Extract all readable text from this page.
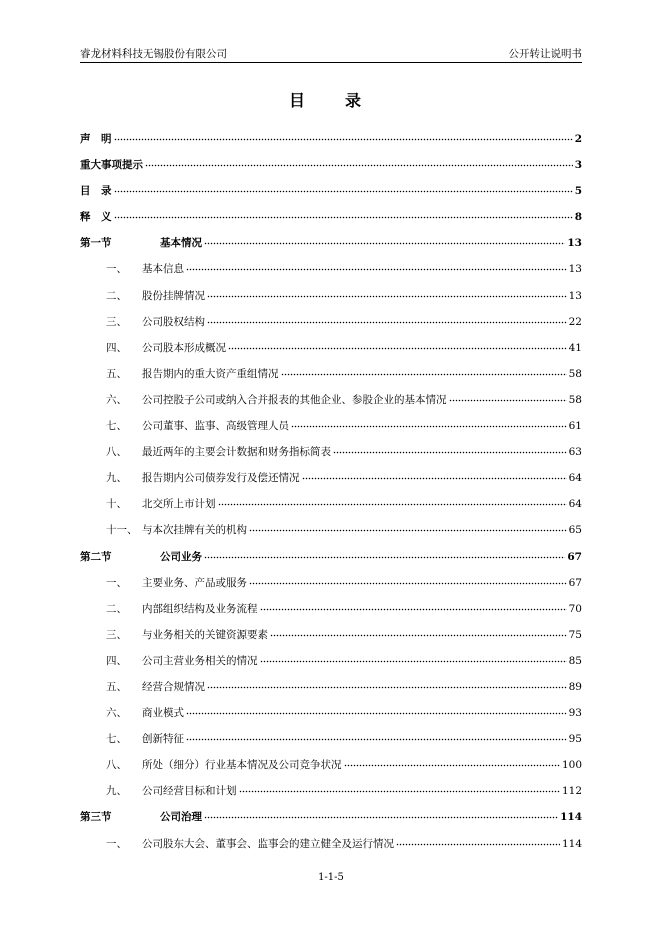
睿龙材料科技无锡股份有限公司	公开转让说明书
目　录
声　明	2
重大事项提示	3
目　录	5
释　义	8
第一节	基本情况	13
一、	基本信息	13
二、	股份挂牌情况	13
三、	公司股权结构	22
四、	公司股本形成概况	41
五、	报告期内的重大资产重组情况	58
六、	公司控股子公司或纳入合并报表的其他企业、参股企业的基本情况	58
七、	公司董事、监事、高级管理人员	61
八、	最近两年的主要会计数据和财务指标简表	63
九、	报告期内公司债券发行及偿还情况	64
十、	北交所上市计划	64
十一、 与本次挂牌有关的机构	65
第二节	公司业务	67
一、	主要业务、产品或服务	67
二、	内部组织结构及业务流程	70
三、	与业务相关的关键资源要素	75
四、	公司主营业务相关的情况	85
五、	经营合规情况	89
六、	商业模式	93
七、	创新特征	95
八、	所处（细分）行业基本情况及公司竞争状况	100
九、	公司经营目标和计划	112
第三节	公司治理	114
一、	公司股东大会、董事会、监事会的建立健全及运行情况	114
1-1-5
